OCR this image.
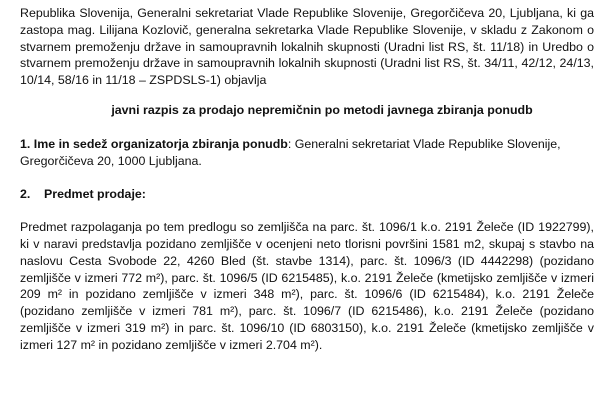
Republika Slovenija, Generalni sekretariat Vlade Republike Slovenije, Gregorčičeva 20, Ljubljana, ki ga zastopa mag. Lilijana Kozlovič, generalna sekretarka Vlade Republike Slovenije, v skladu z Zakonom o stvarnem premoženju države in samoupravnih lokalnih skupnosti (Uradni list RS, št. 11/18) in Uredbo o stvarnem premoženju države in samoupravnih lokalnih skupnosti (Uradni list RS, št. 34/11, 42/12, 24/13, 10/14, 58/16 in 11/18 – ZSPDSLS-1) objavlja

javni razpis za prodajo nepremičnin po metodi javnega zbiranja ponudb

1. Ime in sedež organizatorja zbiranja ponudb: Generalni sekretariat Vlade Republike Slovenije, Gregorčičeva 20, 1000 Ljubljana.

2. Predmet prodaje:

Predmet razpolaganja po tem predlogu so zemljišča na parc. št. 1096/1 k.o. 2191 Želeče (ID 1922799), ki v naravi predstavlja pozidano zemljišče v ocenjeni neto tlorisni površini 1581 m2, skupaj s stavbo na naslovu Cesta Svobode 22, 4260 Bled (št. stavbe 1314), parc. št. 1096/3 (ID 4442298) (pozidano zemljišče v izmeri 772 m²), parc. št. 1096/5 (ID 6215485), k.o. 2191 Želeče (kmetijsko zemljišče v izmeri 209 m² in pozidano zemljišče v izmeri 348 m²), parc. št. 1096/6 (ID 6215484), k.o. 2191 Želeče (pozidano zemljišče v izmeri 781 m²), parc. št. 1096/7 (ID 6215486), k.o. 2191 Želeče (pozidano zemljišče v izmeri 319 m²) in parc. št. 1096/10 (ID 6803150), k.o. 2191 Želeče (kmetijsko zemljišče v izmeri 127 m² in pozidano zemljišče v izmeri 2.704 m²).
